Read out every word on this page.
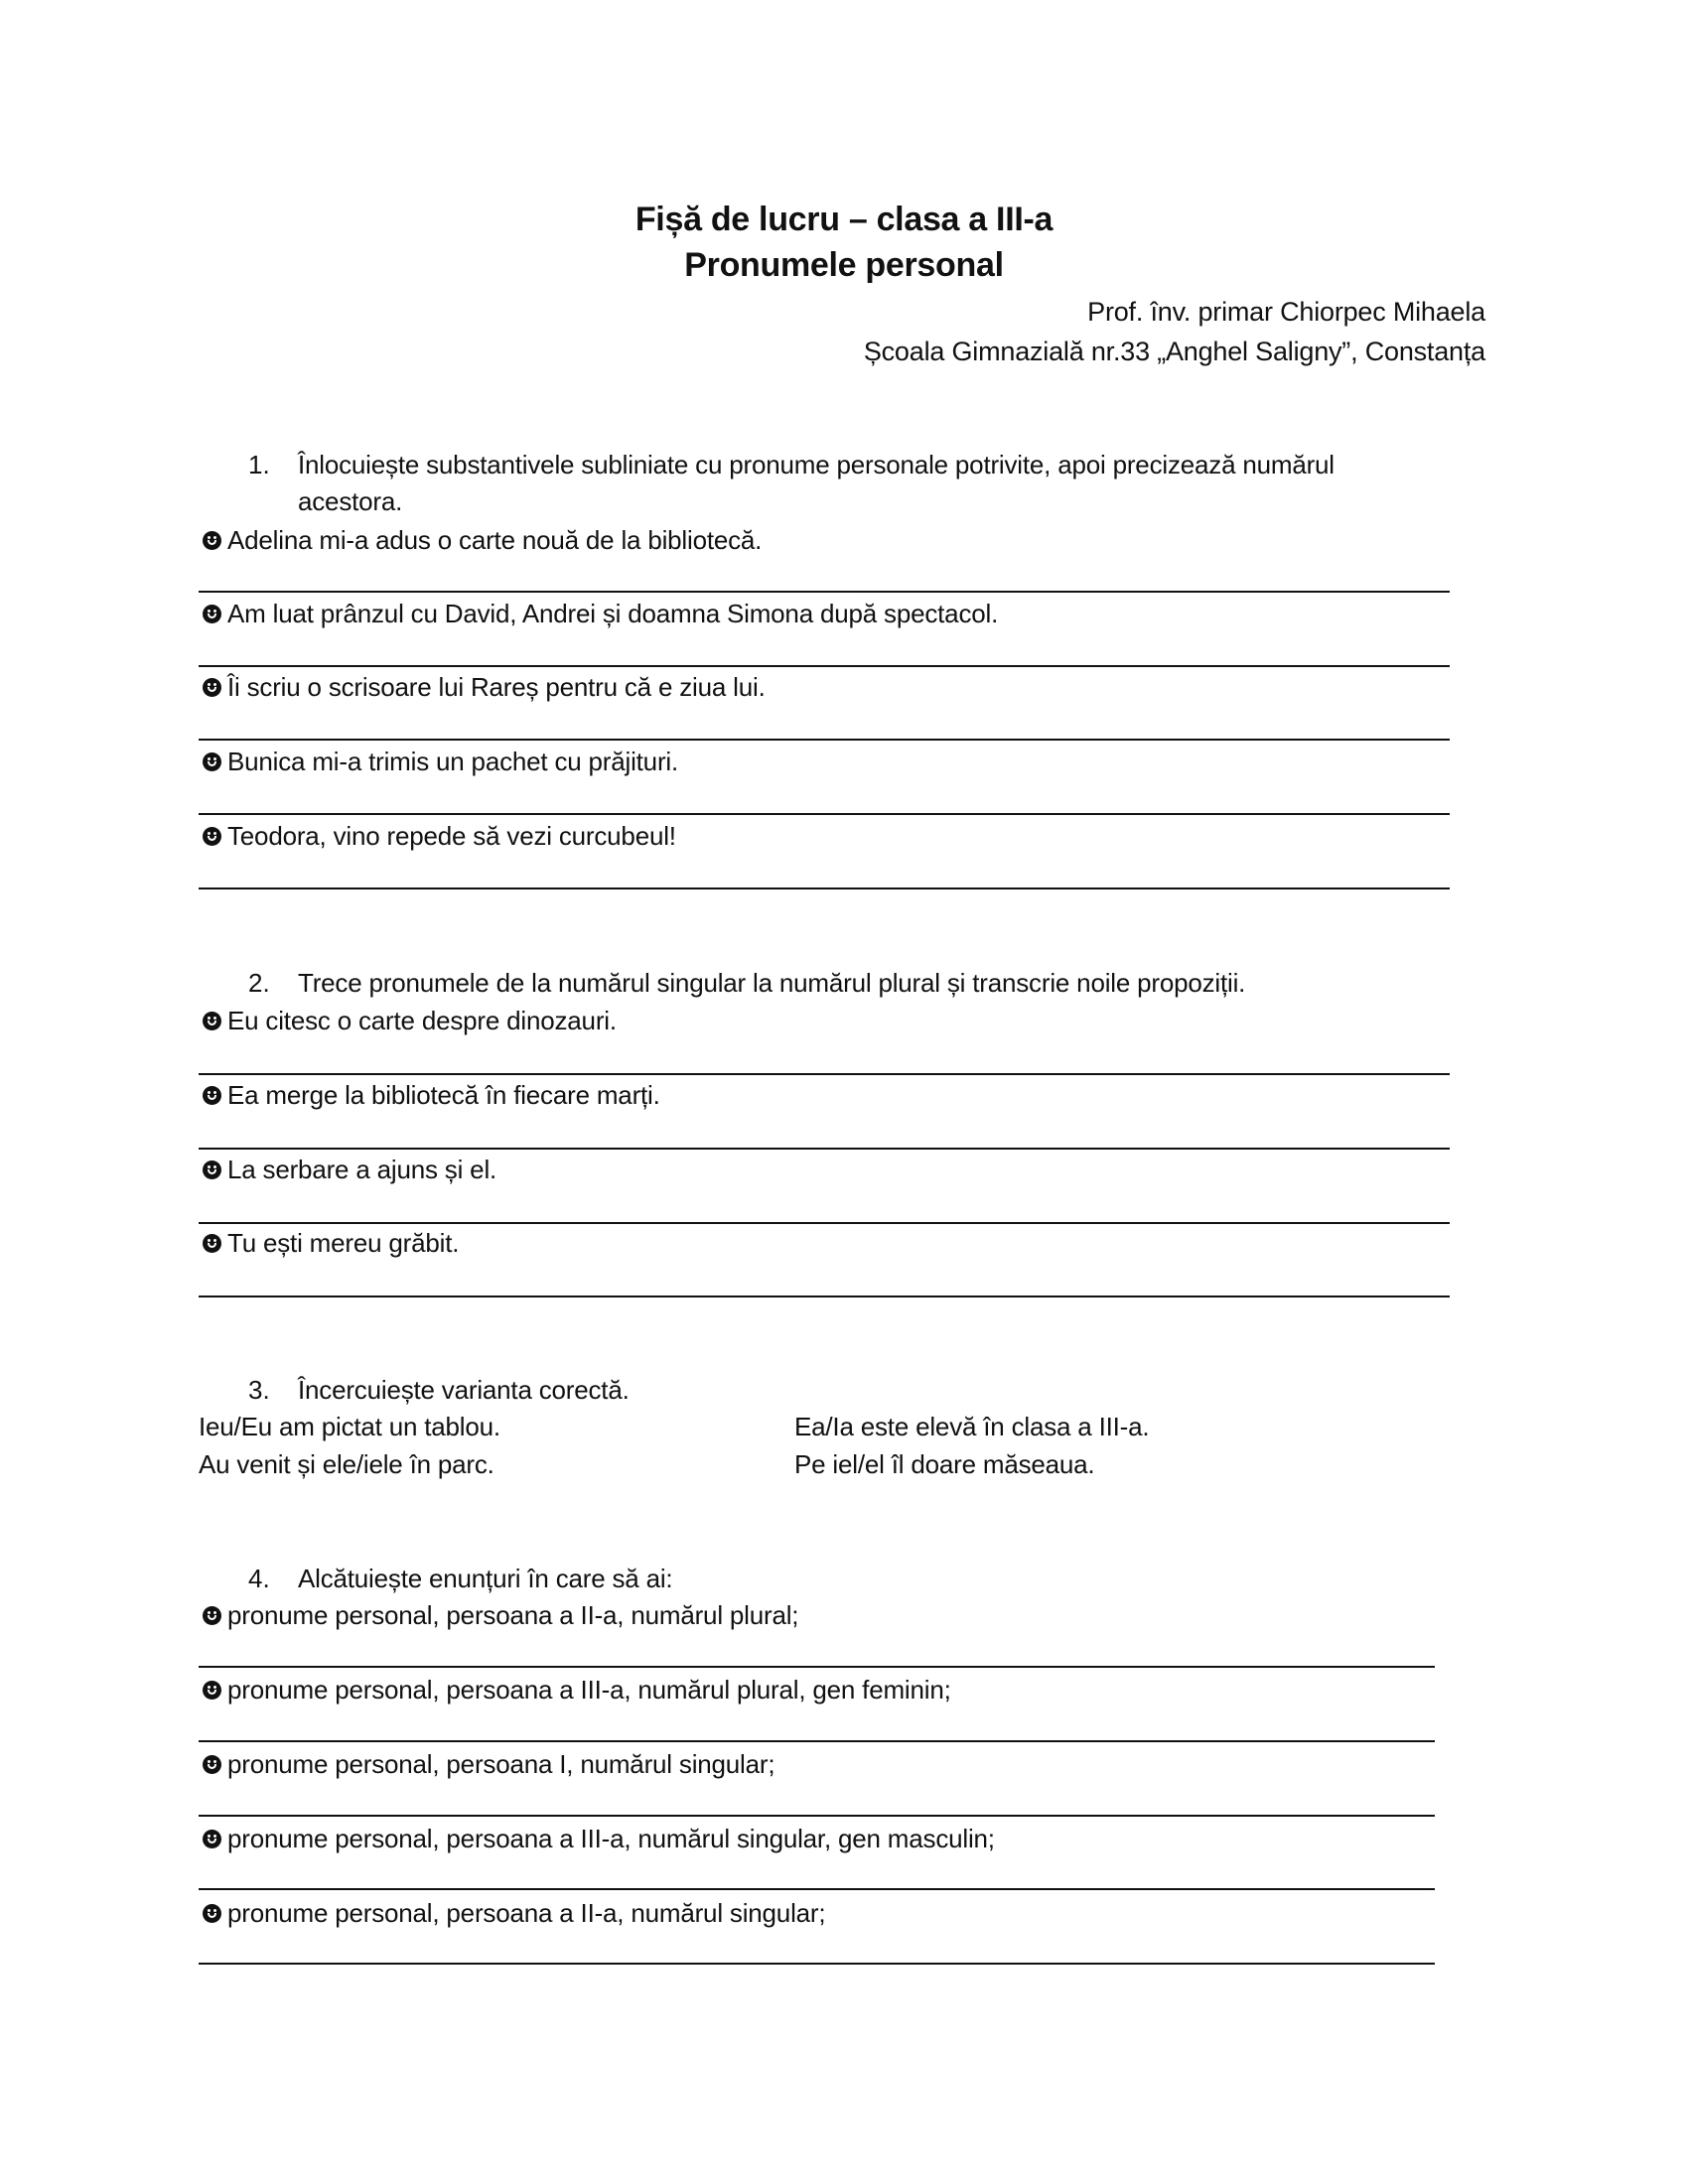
Fișă de lucru – clasa a III-a
Pronumele personal
Prof. înv. primar Chiorpec Mihaela
Școala Gimnazială nr.33 „Anghel Saligny”, Constanța
1. Înlocuiește substantivele subliniate cu pronume personale potrivite, apoi precizează numărul
acestora.
Adelina mi-a adus o carte nouă de la bibliotecă.
Am luat prânzul cu David, Andrei și doamna Simona după spectacol.
Îi scriu o scrisoare lui Rareș pentru că e ziua lui.
Bunica mi-a trimis un pachet cu prăjituri.
Teodora, vino repede să vezi curcubeul!
2. Trece pronumele de la numărul singular la numărul plural și transcrie noile propoziții.
Eu citesc o carte despre dinozauri.
Ea merge la bibliotecă în fiecare marți.
La serbare a ajuns și el.
Tu ești mereu grăbit.
3. Încercuiește varianta corectă.
Ieu/Eu am pictat un tablou.
Au venit și ele/iele în parc.
Ea/Ia este elevă în clasa a III-a.
Pe iel/el îl doare măseaua.
4. Alcătuiește enunțuri în care să ai:
pronume personal, persoana a II-a, numărul plural;
pronume personal, persoana a III-a, numărul plural, gen feminin;
pronume personal, persoana I, numărul singular;
pronume personal, persoana a III-a, numărul singular, gen masculin;
pronume personal, persoana a II-a, numărul singular;
